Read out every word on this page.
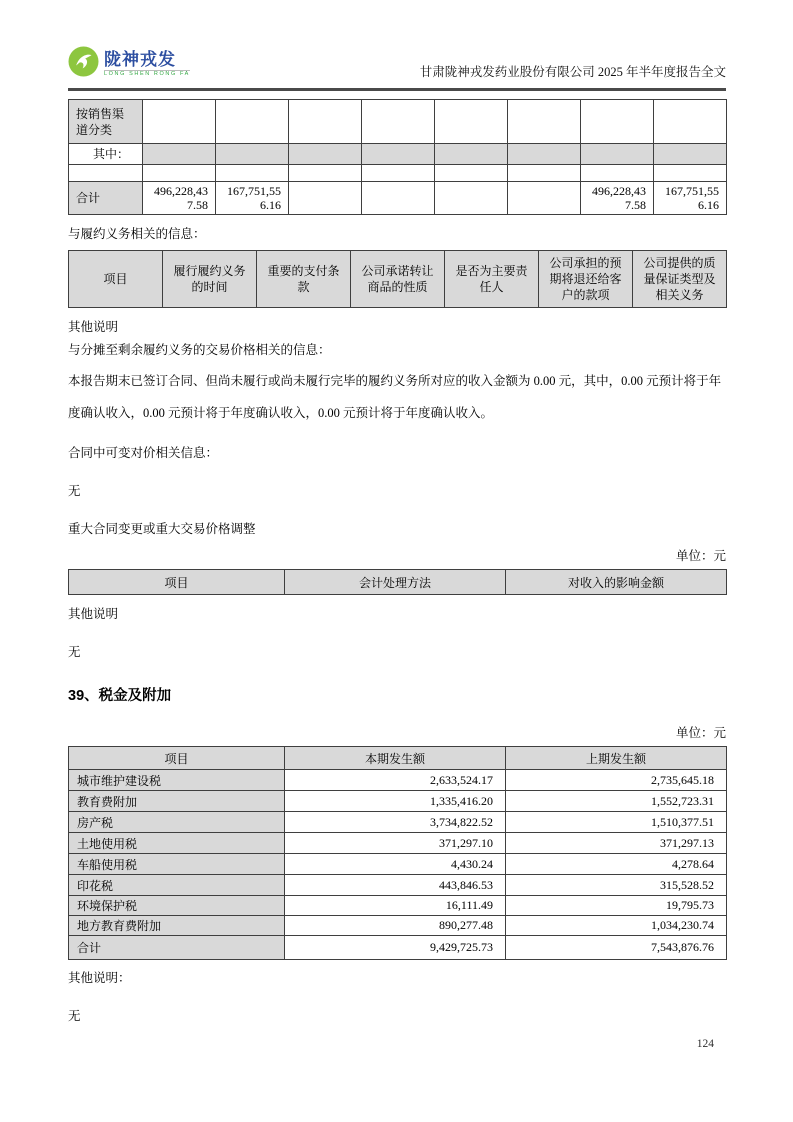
陇神戎发
LONG SHEN RONG FA	甘肃陇神戎发药业股份有限公司 2025 年半年度报告全文
按销售渠道分类								
其中：								

合计	496,228,437.58	167,751,556.16					496,228,437.58	167,751,556.16
与履约义务相关的信息：
项目	履行履约义务的时间	重要的支付条款	公司承诺转让商品的性质	是否为主要责任人	公司承担的预期将退还给客户的款项	公司提供的质量保证类型及相关义务
其他说明
与分摊至剩余履约义务的交易价格相关的信息：
本报告期末已签订合同、但尚未履行或尚未履行完毕的履约义务所对应的收入金额为 0.00 元，其中，0.00 元预计将于年度确认收入，0.00 元预计将于年度确认收入，0.00 元预计将于年度确认收入。
合同中可变对价相关信息：
无
重大合同变更或重大交易价格调整
单位：元
项目	会计处理方法	对收入的影响金额
其他说明
无
39、税金及附加
单位：元
项目	本期发生额	上期发生额
城市维护建设税	2,633,524.17	2,735,645.18
教育费附加	1,335,416.20	1,552,723.31
房产税	3,734,822.52	1,510,377.51
土地使用税	371,297.10	371,297.13
车船使用税	4,430.24	4,278.64
印花税	443,846.53	315,528.52
环境保护税	16,111.49	19,795.73
地方教育费附加	890,277.48	1,034,230.74
合计	9,429,725.73	7,543,876.76
其他说明：
无
124
